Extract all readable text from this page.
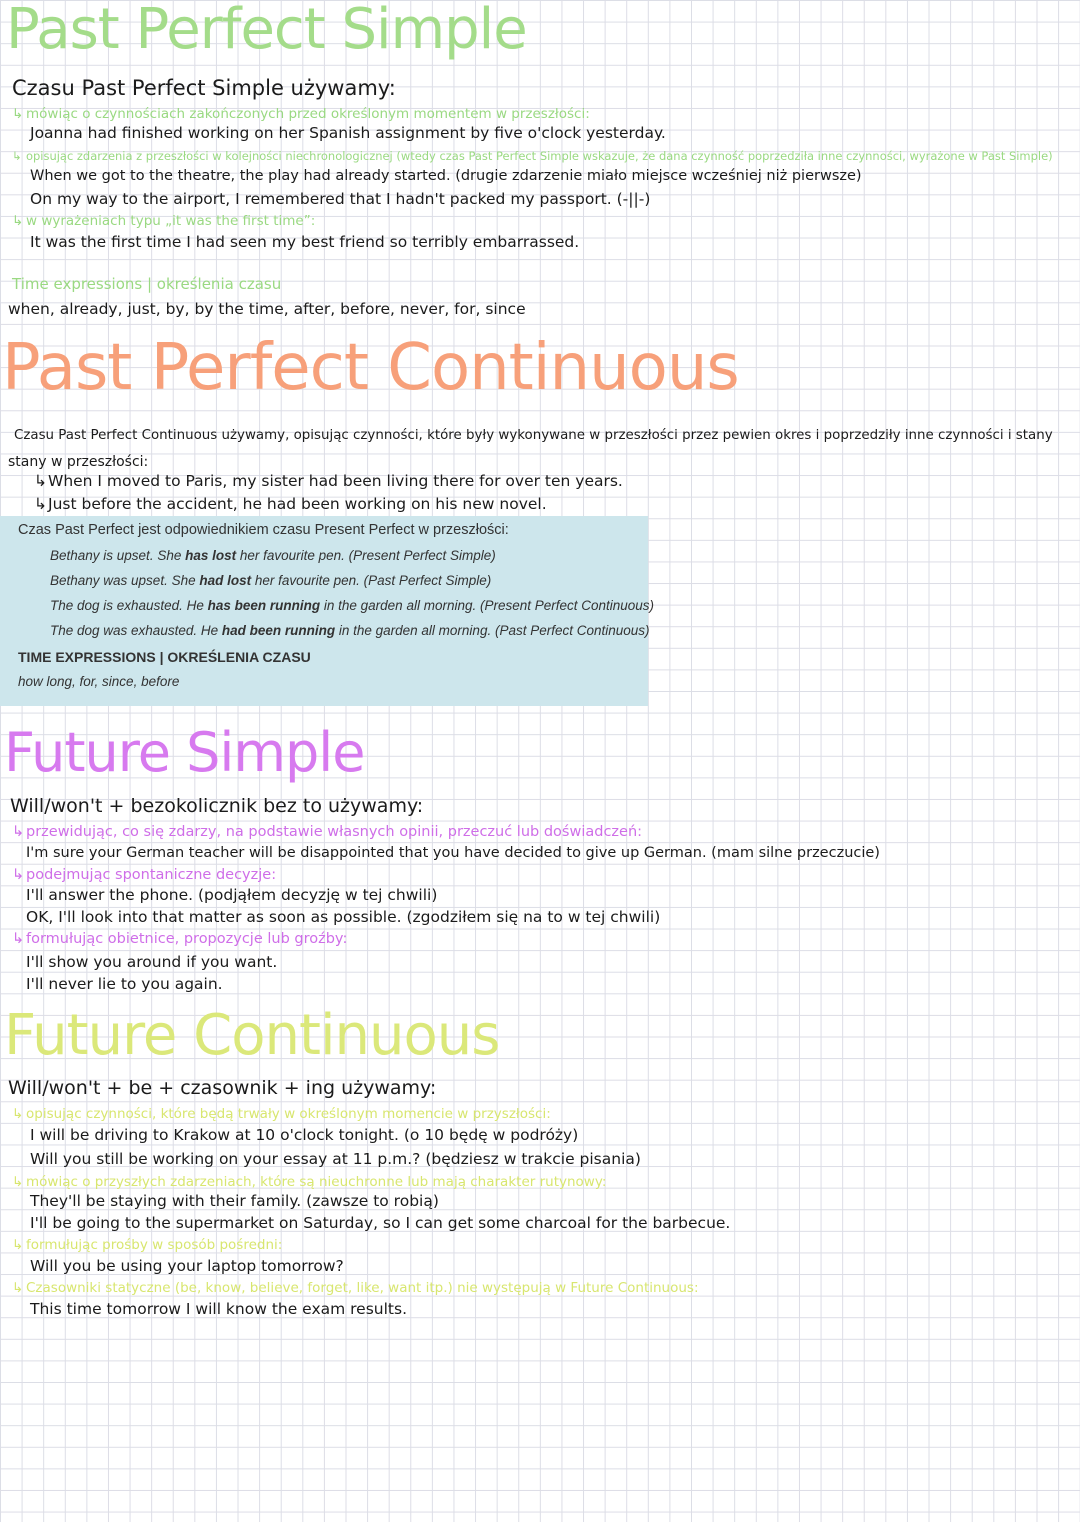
Past Perfect Simple
Czasu Past Perfect Simple używamy:
↳ mówiąc o czynnościach zakończonych przed określonym momentem w przeszłości:
Joanna had finished working on her Spanish assignment by five o'clock yesterday.
↳ opisując zdarzenia z przeszłości w kolejności niechronologicznej (wtedy czas Past Perfect Simple wskazuje, że dana czynność poprzedziła inne czynności, wyrażone w Past Simple)
When we got to the theatre, the play had already started. (drugie zdarzenie miało miejsce wcześniej niż pierwsze)
On my way to the airport, I remembered that I hadn't packed my passport. (-||-)
↳ w wyrażeniach typu „it was the first time”:
It was the first time I had seen my best friend so terribly embarrassed.
Time expressions | określenia czasu
when, already, just, by, by the time, after, before, never, for, since
Past Perfect Continuous
Czasu Past Perfect Continuous używamy, opisując czynności, które były wykonywane w przeszłości przez pewien okres i poprzedziły inne czynności i stany
stany w przeszłości:
↳When I moved to Paris, my sister had been living there for over ten years.
↳Just before the accident, he had been working on his new novel.
Czas Past Perfect jest odpowiednikiem czasu Present Perfect w przeszłości:
Bethany is upset. She has lost her favourite pen. (Present Perfect Simple)
Bethany was upset. She had lost her favourite pen. (Past Perfect Simple)
The dog is exhausted. He has been running in the garden all morning. (Present Perfect Continuous)
The dog was exhausted. He had been running in the garden all morning. (Past Perfect Continuous)
TIME EXPRESSIONS | OKREŚLENIA CZASU
how long, for, since, before
Future Simple
Will/won't + bezokolicznik bez to używamy:
↳ przewidując, co się zdarzy, na podstawie własnych opinii, przeczuć lub doświadczeń:
I'm sure your German teacher will be disappointed that you have decided to give up German. (mam silne przeczucie)
↳ podejmując spontaniczne decyzje:
I'll answer the phone. (podjąłem decyzję w tej chwili)
OK, I'll look into that matter as soon as possible. (zgodziłem się na to w tej chwili)
↳ formułując obietnice, propozycje lub groźby:
I'll show you around if you want.
I'll never lie to you again.
Future Continuous
Will/won't + be + czasownik + ing używamy:
↳ opisując czynności, które będą trwały w określonym momencie w przyszłości:
I will be driving to Krakow at 10 o'clock tonight. (o 10 będę w podróży)
Will you still be working on your essay at 11 p.m.? (będziesz w trakcie pisania)
↳ mówiąc o przyszłych zdarzeniach, które są nieuchronne lub mają charakter rutynowy:
They'll be staying with their family. (zawsze to robią)
I'll be going to the supermarket on Saturday, so I can get some charcoal for the barbecue.
↳ formułując prośby w sposób pośredni:
Will you be using your laptop tomorrow?
↳ Czasowniki statyczne (be, know, believe, forget, like, want itp.) nie występują w Future Continuous:
This time tomorrow I will know the exam results.
